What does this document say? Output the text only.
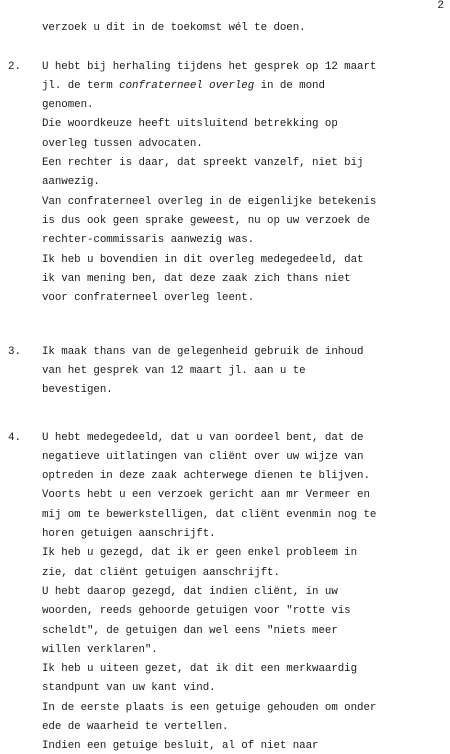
2
verzoek u dit in de toekomst wél te doen.
2. U hebt bij herhaling tijdens het gesprek op 12 maart
jl. de term confraterneel overleg in de mond
genomen.
Die woordkeuze heeft uitsluitend betrekking op
overleg tussen advocaten.
Een rechter is daar, dat spreekt vanzelf, niet bij
aanwezig.
Van confraterneel overleg in de eigenlijke betekenis
is dus ook geen sprake geweest, nu op uw verzoek de
rechter-commissaris aanwezig was.
Ik heb u bovendien in dit overleg medegedeeld, dat
ik van mening ben, dat deze zaak zich thans niet
voor confraterneel overleg leent.
3. Ik maak thans van de gelegenheid gebruik de inhoud
van het gesprek van 12 maart jl. aan u te
bevestigen.
4. U hebt medegedeeld, dat u van oordeel bent, dat de
negatieve uitlatingen van cliënt over uw wijze van
optreden in deze zaak achterwege dienen te blijven.
Voorts hebt u een verzoek gericht aan mr Vermeer en
mij om te bewerkstelligen, dat cliënt evenmin nog te
horen getuigen aanschrijft.
Ik heb u gezegd, dat ik er geen enkel probleem in
zie, dat cliënt getuigen aanschrijft.
U hebt daarop gezegd, dat indien cliënt, in uw
woorden, reeds gehoorde getuigen voor "rotte vis
scheldt", de getuigen dan wel eens "niets meer
willen verklaren".
Ik heb u uiteen gezet, dat ik dit een merkwaardig
standpunt van uw kant vind.
In de eerste plaats is een getuige gehouden om onder
ede de waarheid te vertellen.
Indien een getuige besluit, al of niet naar
